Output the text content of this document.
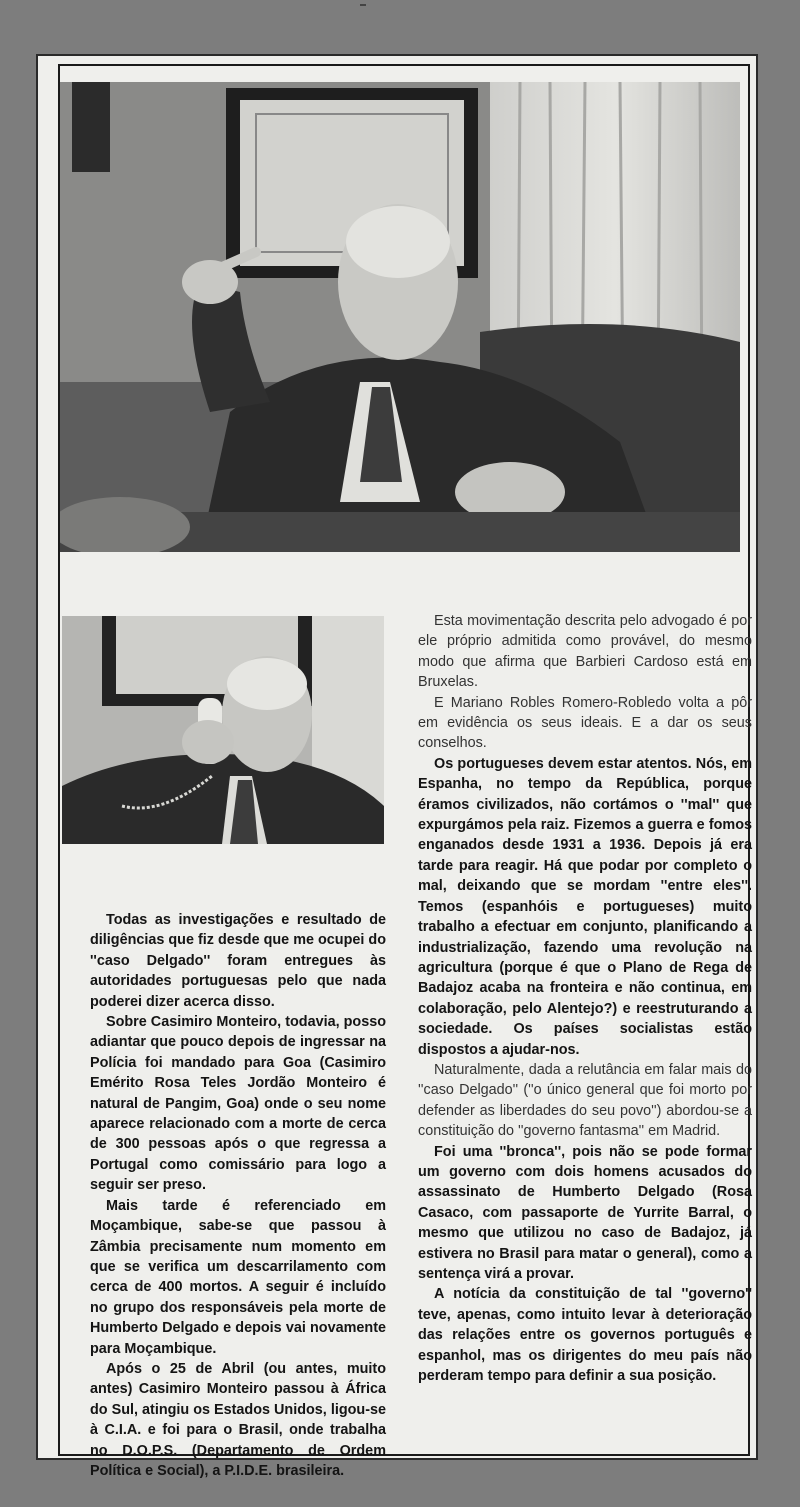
Todas as investigações e resultado de diligências que fiz desde que me ocupei do ''caso Delgado'' foram entregues às autoridades portuguesas pelo que nada poderei dizer acerca disso.

Sobre Casimiro Monteiro, todavia, posso adiantar que pouco depois de ingressar na Polícia foi mandado para Goa (Casimiro Emérito Rosa Teles Jordão Monteiro é natural de Pangim, Goa) onde o seu nome aparece relacionado com a morte de cerca de 300 pessoas após o que regressa a Portugal como comissário para logo a seguir ser preso.

Mais tarde é referenciado em Moçambique, sabe-se que passou à Zâmbia precisamente num momento em que se verifica um descarrilamento com cerca de 400 mortos. A seguir é incluído no grupo dos responsáveis pela morte de Humberto Delgado e depois vai novamente para Moçambique.

Após o 25 de Abril (ou antes, muito antes) Casimiro Monteiro passou à África do Sul, atingiu os Estados Unidos, ligou-se à C.I.A. e foi para o Brasil, onde trabalha no D.O.P.S. (Departamento de Ordem Política e Social), a P.I.D.E. brasileira.

Esta movimentação descrita pelo advogado é por ele próprio admitida como provável, do mesmo modo que afirma que Barbieri Cardoso está em Bruxelas.

E Mariano Robles Romero-Robledo volta a pôr em evidência os seus ideais. E a dar os seus conselhos.

Os portugueses devem estar atentos. Nós, em Espanha, no tempo da República, porque éramos civilizados, não cortámos o ''mal'' que expurgámos pela raiz. Fizemos a guerra e fomos enganados desde 1931 a 1936. Depois já era tarde para reagir. Há que podar por completo o mal, deixando que se mordam ''entre eles''. Temos (espanhóis e portugueses) muito trabalho a efectuar em conjunto, planificando a industrialização, fazendo uma revolução na agricultura (porque é que o Plano de Rega de Badajoz acaba na fronteira e não continua, em colaboração, pelo Alentejo?) e reestruturando a sociedade. Os países socialistas estão dispostos a ajudar-nos.

Naturalmente, dada a relutância em falar mais do ''caso Delgado'' (''o único general que foi morto por defender as liberdades do seu povo'') abordou-se a constituição do ''governo fantasma'' em Madrid.

Foi uma ''bronca'', pois não se pode formar um governo com dois homens acusados do assassinato de Humberto Delgado (Rosa Casaco, com passaporte de Yurrite Barral, o mesmo que utilizou no caso de Badajoz, já estivera no Brasil para matar o general), como a sentença virá a provar.

A notícia da constituição de tal ''governo'' teve, apenas, como intuito levar à deterioração das relações entre os governos português e espanhol, mas os dirigentes do meu país não perderam tempo para definir a sua posição.
